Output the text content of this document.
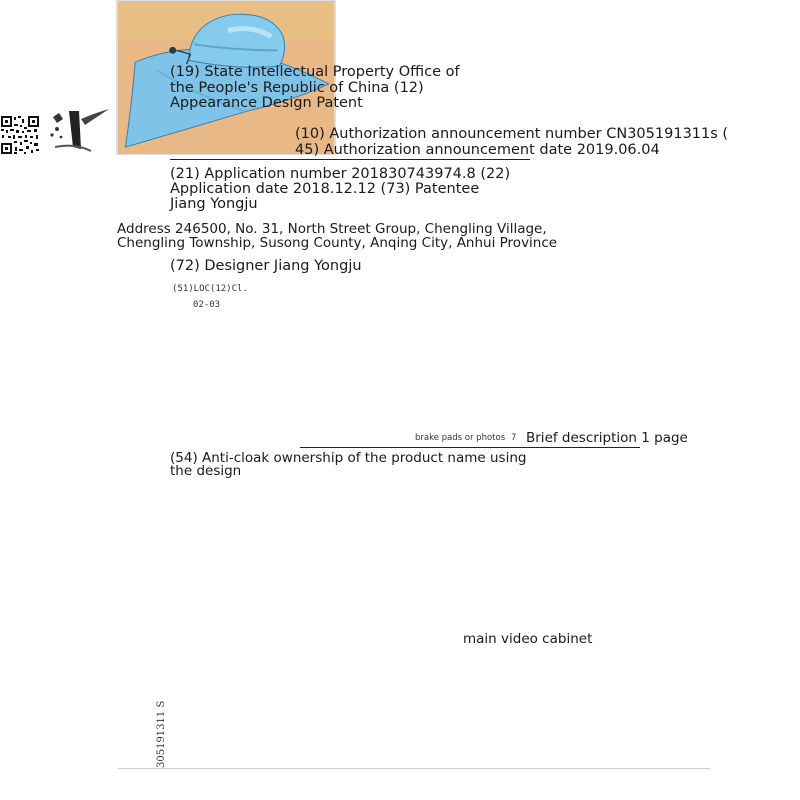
(19) State Intellectual Property Office of
the People's Republic of China (12)
Appearance Design Patent

(10) Authorization announcement number CN305191311s (
45) Authorization announcement date 2019.06.04
(21) Application number 201830743974.8 (22)
Application date 2018.12.12 (73) Patentee
Jiang Yongju
Address 246500, No. 31, North Street Group, Chengling Village,
Chengling Township, Susong County, Anqing City, Anhui Province
(72) Designer Jiang Yongju
(51)LOC(12)Cl.
02-03
brake pads or photos 7 Brief description 1 page
(54) Anti-cloak ownership of the product name using
the design
main video cabinet
305191311 S
